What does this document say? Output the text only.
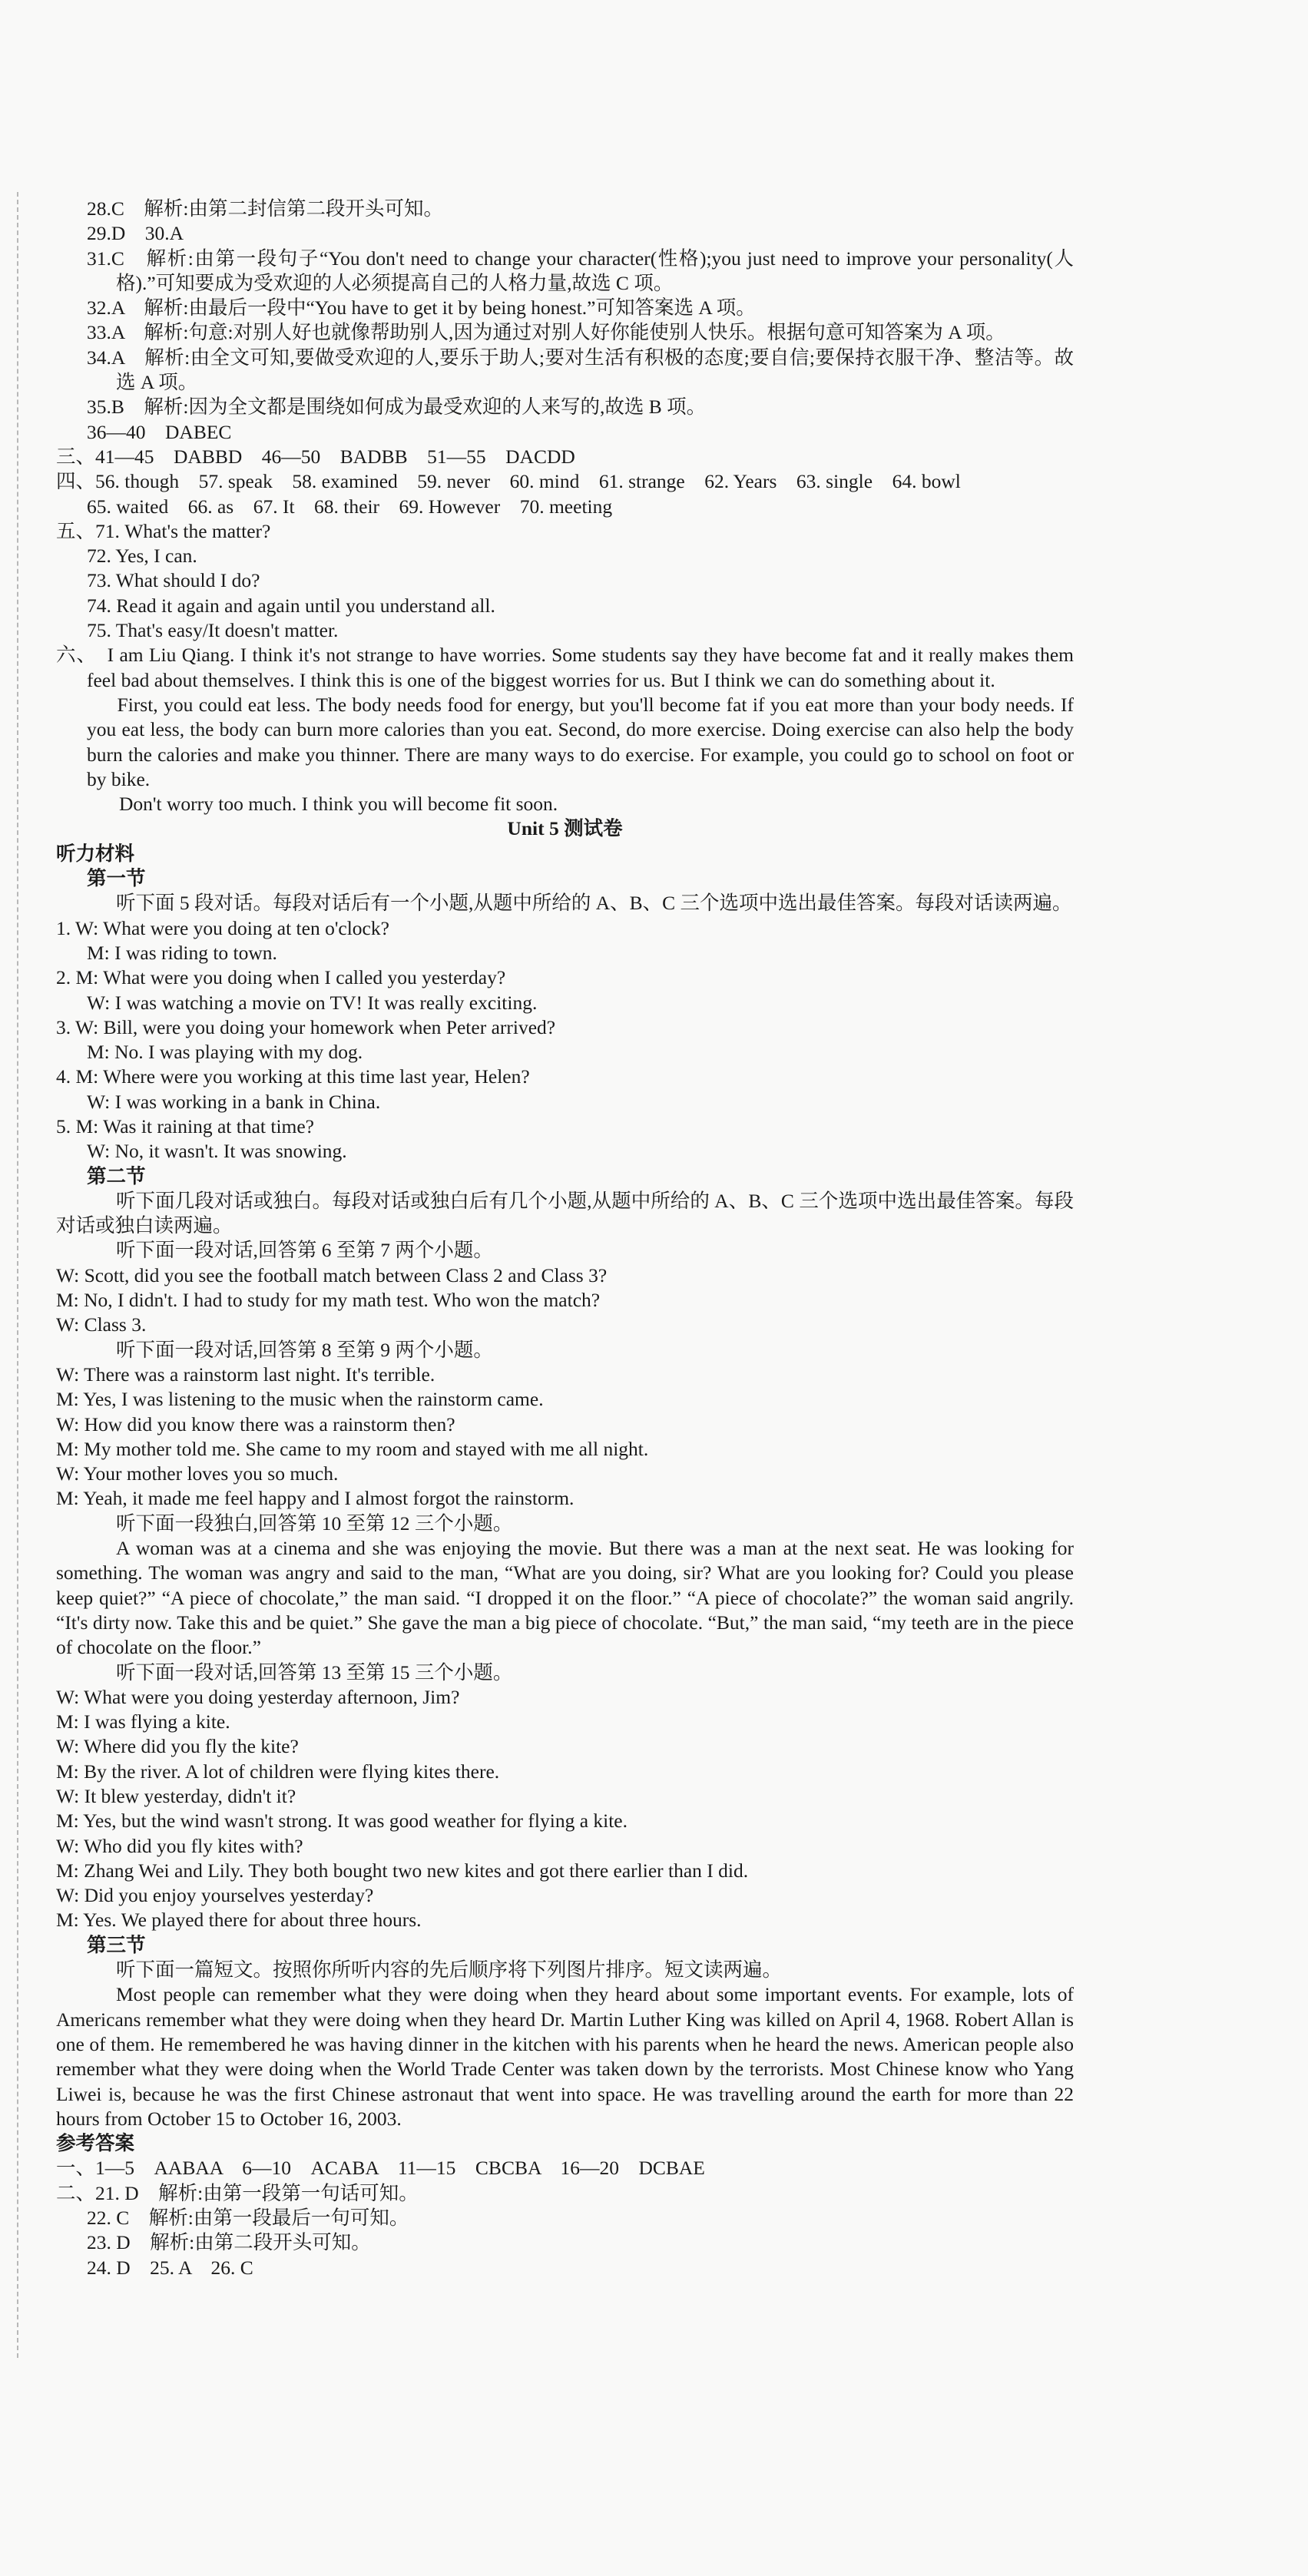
28.C　解析:由第二封信第二段开头可知。
29.D　30.A
31.C　解析:由第一段句子“You don't need to change your character(性格);you just need to improve your personality(人格).”可知要成为受欢迎的人必须提高自己的人格力量,故选 C 项。
32.A　解析:由最后一段中“You have to get it by being honest.”可知答案选 A 项。
33.A　解析:句意:对别人好也就像帮助别人,因为通过对别人好你能使别人快乐。根据句意可知答案为 A 项。
34.A　解析:由全文可知,要做受欢迎的人,要乐于助人;要对生活有积极的态度;要自信;要保持衣服干净、整洁等。故选 A 项。
35.B　解析:因为全文都是围绕如何成为最受欢迎的人来写的,故选 B 项。
36—40　DABEC
三、41—45　DABBD　46—50　BADBB　51—55　DACDD
四、56. though　57. speak　58. examined　59. never　60. mind　61. strange　62. Years　63. single　64. bowl
65. waited　66. as　67. It　68. their　69. However　70. meeting
五、71. What's the matter?
72. Yes, I can.
73. What should I do?
74. Read it again and again until you understand all.
75. That's easy/It doesn't matter.
六、　I am Liu Qiang. I think it's not strange to have worries. Some students say they have become fat and it really makes them feel bad about themselves. I think this is one of the biggest worries for us. But I think we can do something about it.
　　　First, you could eat less. The body needs food for energy, but you'll become fat if you eat more than your body needs. If you eat less, the body can burn more calories than you eat. Second, do more exercise. Doing exercise can also help the body burn the calories and make you thinner. There are many ways to do exercise. For example, you could go to school on foot or by bike.
Don't worry too much. I think you will become fit soon.
Unit 5 测试卷
听力材料
第一节
听下面 5 段对话。每段对话后有一个小题,从题中所给的 A、B、C 三个选项中选出最佳答案。每段对话读两遍。
1. W: What were you doing at ten o'clock?
M: I was riding to town.
2. M: What were you doing when I called you yesterday?
W: I was watching a movie on TV! It was really exciting.
3. W: Bill, were you doing your homework when Peter arrived?
M: No. I was playing with my dog.
4. M: Where were you working at this time last year, Helen?
W: I was working in a bank in China.
5. M: Was it raining at that time?
W: No, it wasn't. It was snowing.
第二节
听下面几段对话或独白。每段对话或独白后有几个小题,从题中所给的 A、B、C 三个选项中选出最佳答案。每段对话或独白读两遍。
听下面一段对话,回答第 6 至第 7 两个小题。
W: Scott, did you see the football match between Class 2 and Class 3?
M: No, I didn't. I had to study for my math test. Who won the match?
W: Class 3.
听下面一段对话,回答第 8 至第 9 两个小题。
W: There was a rainstorm last night. It's terrible.
M: Yes, I was listening to the music when the rainstorm came.
W: How did you know there was a rainstorm then?
M: My mother told me. She came to my room and stayed with me all night.
W: Your mother loves you so much.
M: Yeah, it made me feel happy and I almost forgot the rainstorm.
听下面一段独白,回答第 10 至第 12 三个小题。
A woman was at a cinema and she was enjoying the movie. But there was a man at the next seat. He was looking for something. The woman was angry and said to the man, “What are you doing, sir? What are you looking for? Could you please keep quiet?” “A piece of chocolate,” the man said. “I dropped it on the floor.” “A piece of chocolate?” the woman said angrily. “It's dirty now. Take this and be quiet.” She gave the man a big piece of chocolate. “But,” the man said, “my teeth are in the piece of chocolate on the floor.”
听下面一段对话,回答第 13 至第 15 三个小题。
W: What were you doing yesterday afternoon, Jim?
M: I was flying a kite.
W: Where did you fly the kite?
M: By the river. A lot of children were flying kites there.
W: It blew yesterday, didn't it?
M: Yes, but the wind wasn't strong. It was good weather for flying a kite.
W: Who did you fly kites with?
M: Zhang Wei and Lily. They both bought two new kites and got there earlier than I did.
W: Did you enjoy yourselves yesterday?
M: Yes. We played there for about three hours.
第三节
听下面一篇短文。按照你所听内容的先后顺序将下列图片排序。短文读两遍。
Most people can remember what they were doing when they heard about some important events. For example, lots of Americans remember what they were doing when they heard Dr. Martin Luther King was killed on April 4, 1968. Robert Allan is one of them. He remembered he was having dinner in the kitchen with his parents when he heard the news. American people also remember what they were doing when the World Trade Center was taken down by the terrorists. Most Chinese know who Yang Liwei is, because he was the first Chinese astronaut that went into space. He was travelling around the earth for more than 22 hours from October 15 to October 16, 2003.
参考答案
一、1—5　AABAA　6—10　ACABA　11—15　CBCBA　16—20　DCBAE
二、21. D　解析:由第一段第一句话可知。
22. C　解析:由第一段最后一句可知。
23. D　解析:由第二段开头可知。
24. D　25. A　26. C
